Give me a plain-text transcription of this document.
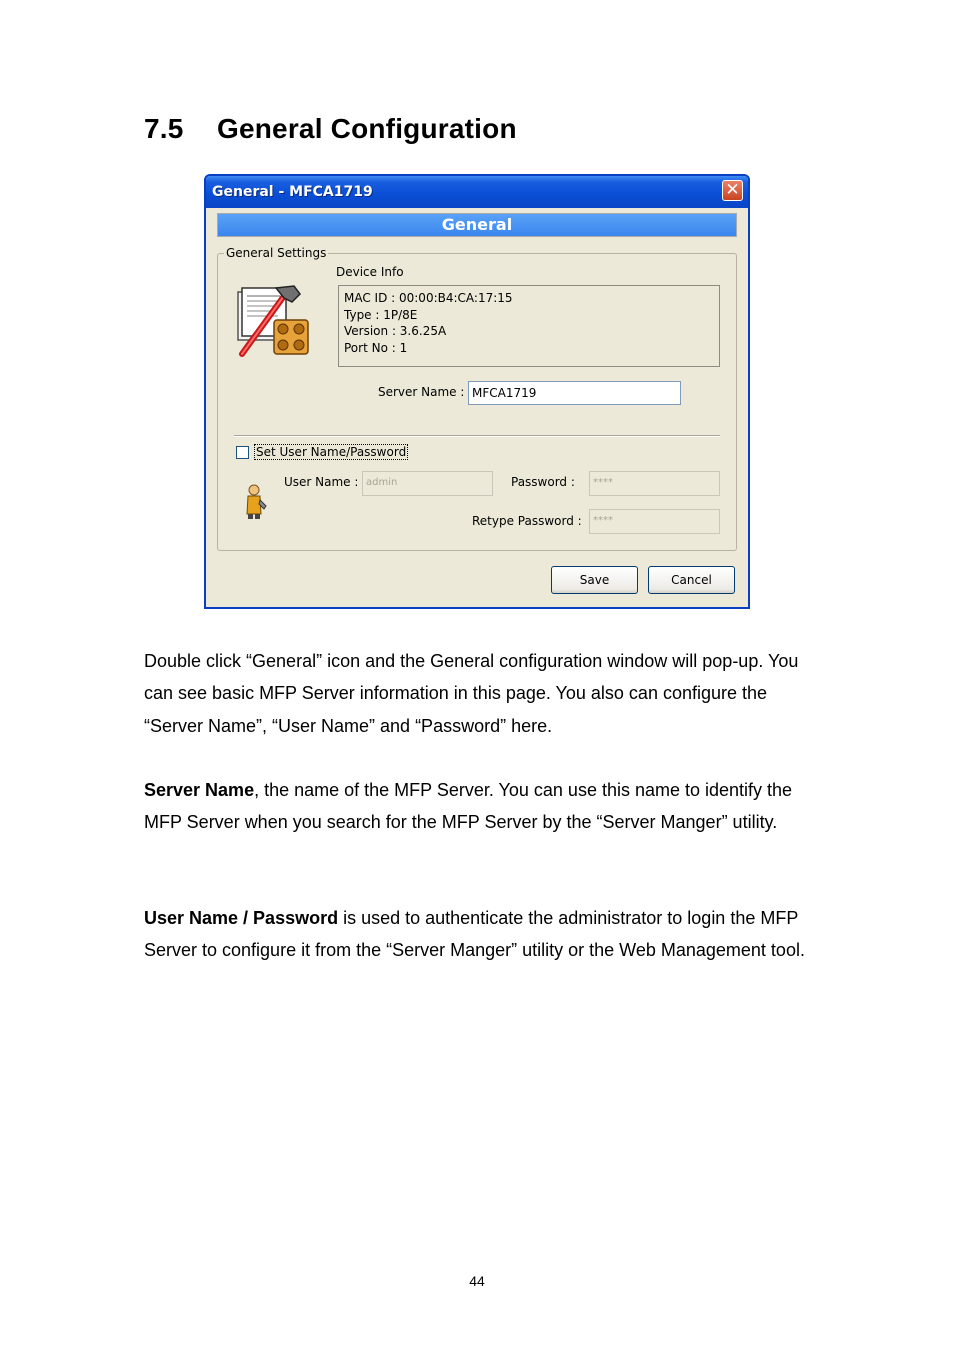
7.5 General Configuration
General - MFCA1719	✕
General
General Settings
Device Info
MAC ID : 00:00:B4:CA:17:15
Type : 1P/8E
Version : 3.6.25A
Port No : 1
Server Name : MFCA1719
Set User Name/Password
User Name : admin	Password :	****
Retype Password :	****
Save	Cancel
Double click “General” icon and the General configuration window will pop-up. You can see basic MFP Server information in this page. You also can configure the “Server Name”, “User Name” and “Password” here.
Server Name, the name of the MFP Server. You can use this name to identify the MFP Server when you search for the MFP Server by the “Server Manger” utility.
User Name / Password is used to authenticate the administrator to login the MFP Server to configure it from the “Server Manger” utility or the Web Management tool.
44
